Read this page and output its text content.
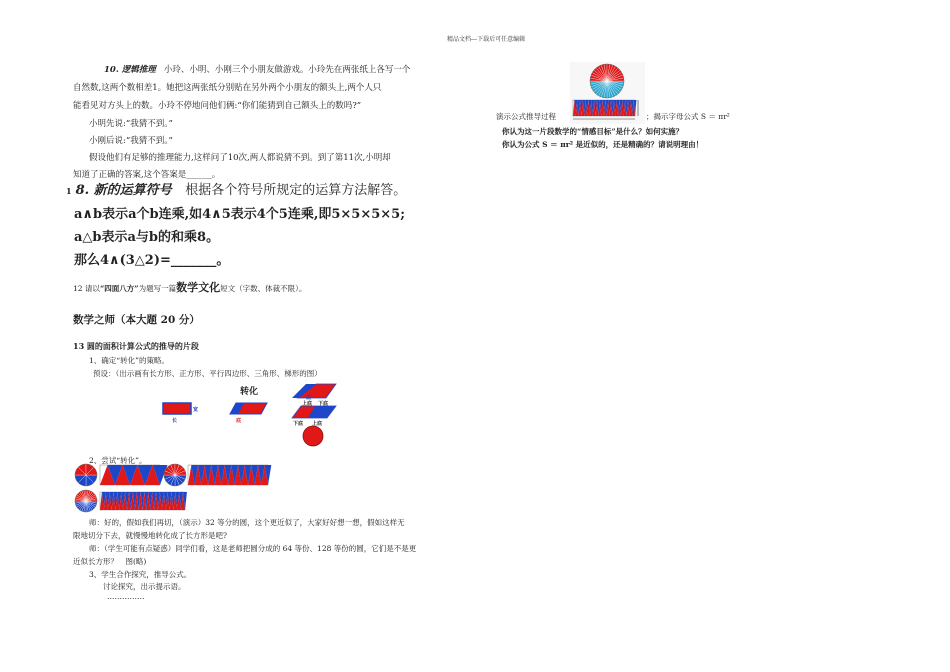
精品文档---下载后可任意编辑
10. 逻辑推理 小玲、小明、小刚三个小朋友做游戏。小玲先在两张纸上各写一个
自然数,这两个数相差1。她把这两张纸分别贴在另外两个小朋友的额头上,两个人只
能看见对方头上的数。小玲不停地问他们俩:“你们能猜到自己额头上的数吗?”
小明先说:“我猜不到。”
小刚后说:“我猜不到。”
假设他们有足够的推理能力,这样问了10次,两人都说猜不到。到了第11次,小明却
知道了正确的答案,这个答案是______。
$^1$ 8. 新的运算符号 根据各个符号所规定的运算方法解答。
a∧b表示a个b连乘,如4∧5表示4个5连乘,即5×5×5×5;
a△b表示a与b的和乘8。
那么4∧(3△2)=_______。
12 请以“四面八方”为题写一篇数学文化短文（字数、体裁不限）。
数学之师（本大题 20 分）
13 圆的面积计算公式的推导的片段
1、确定“转化”的策略。
预设：（出示画有长方形、正方形、平行四边形、三角形、梯形的图）
转化
宽
长	底
上底
底
下底
下底 上底
2、尝试“转化”。
师：好的，假如我们再切，（演示）32 等分的圆，这个更近似了，大家好好想一想，假如这样无
限地切分下去，就慢慢地转化成了长方形是吧?
师：（学生可能有点疑惑）同学们看，这是老师把圆分成的 64 等份、128 等份的圆，它们是不是更
近似长方形？　图(略)
3、学生合作探究，推导公式。
讨论探究，出示提示语。
……………
演示公式推导过程	；揭示字母公式 S ＝ πr²
你认为这一片段数学的“情感目标”是什么？如何实施？
你认为公式 S ＝ πr² 是近似的，还是精确的？请说明理由！
